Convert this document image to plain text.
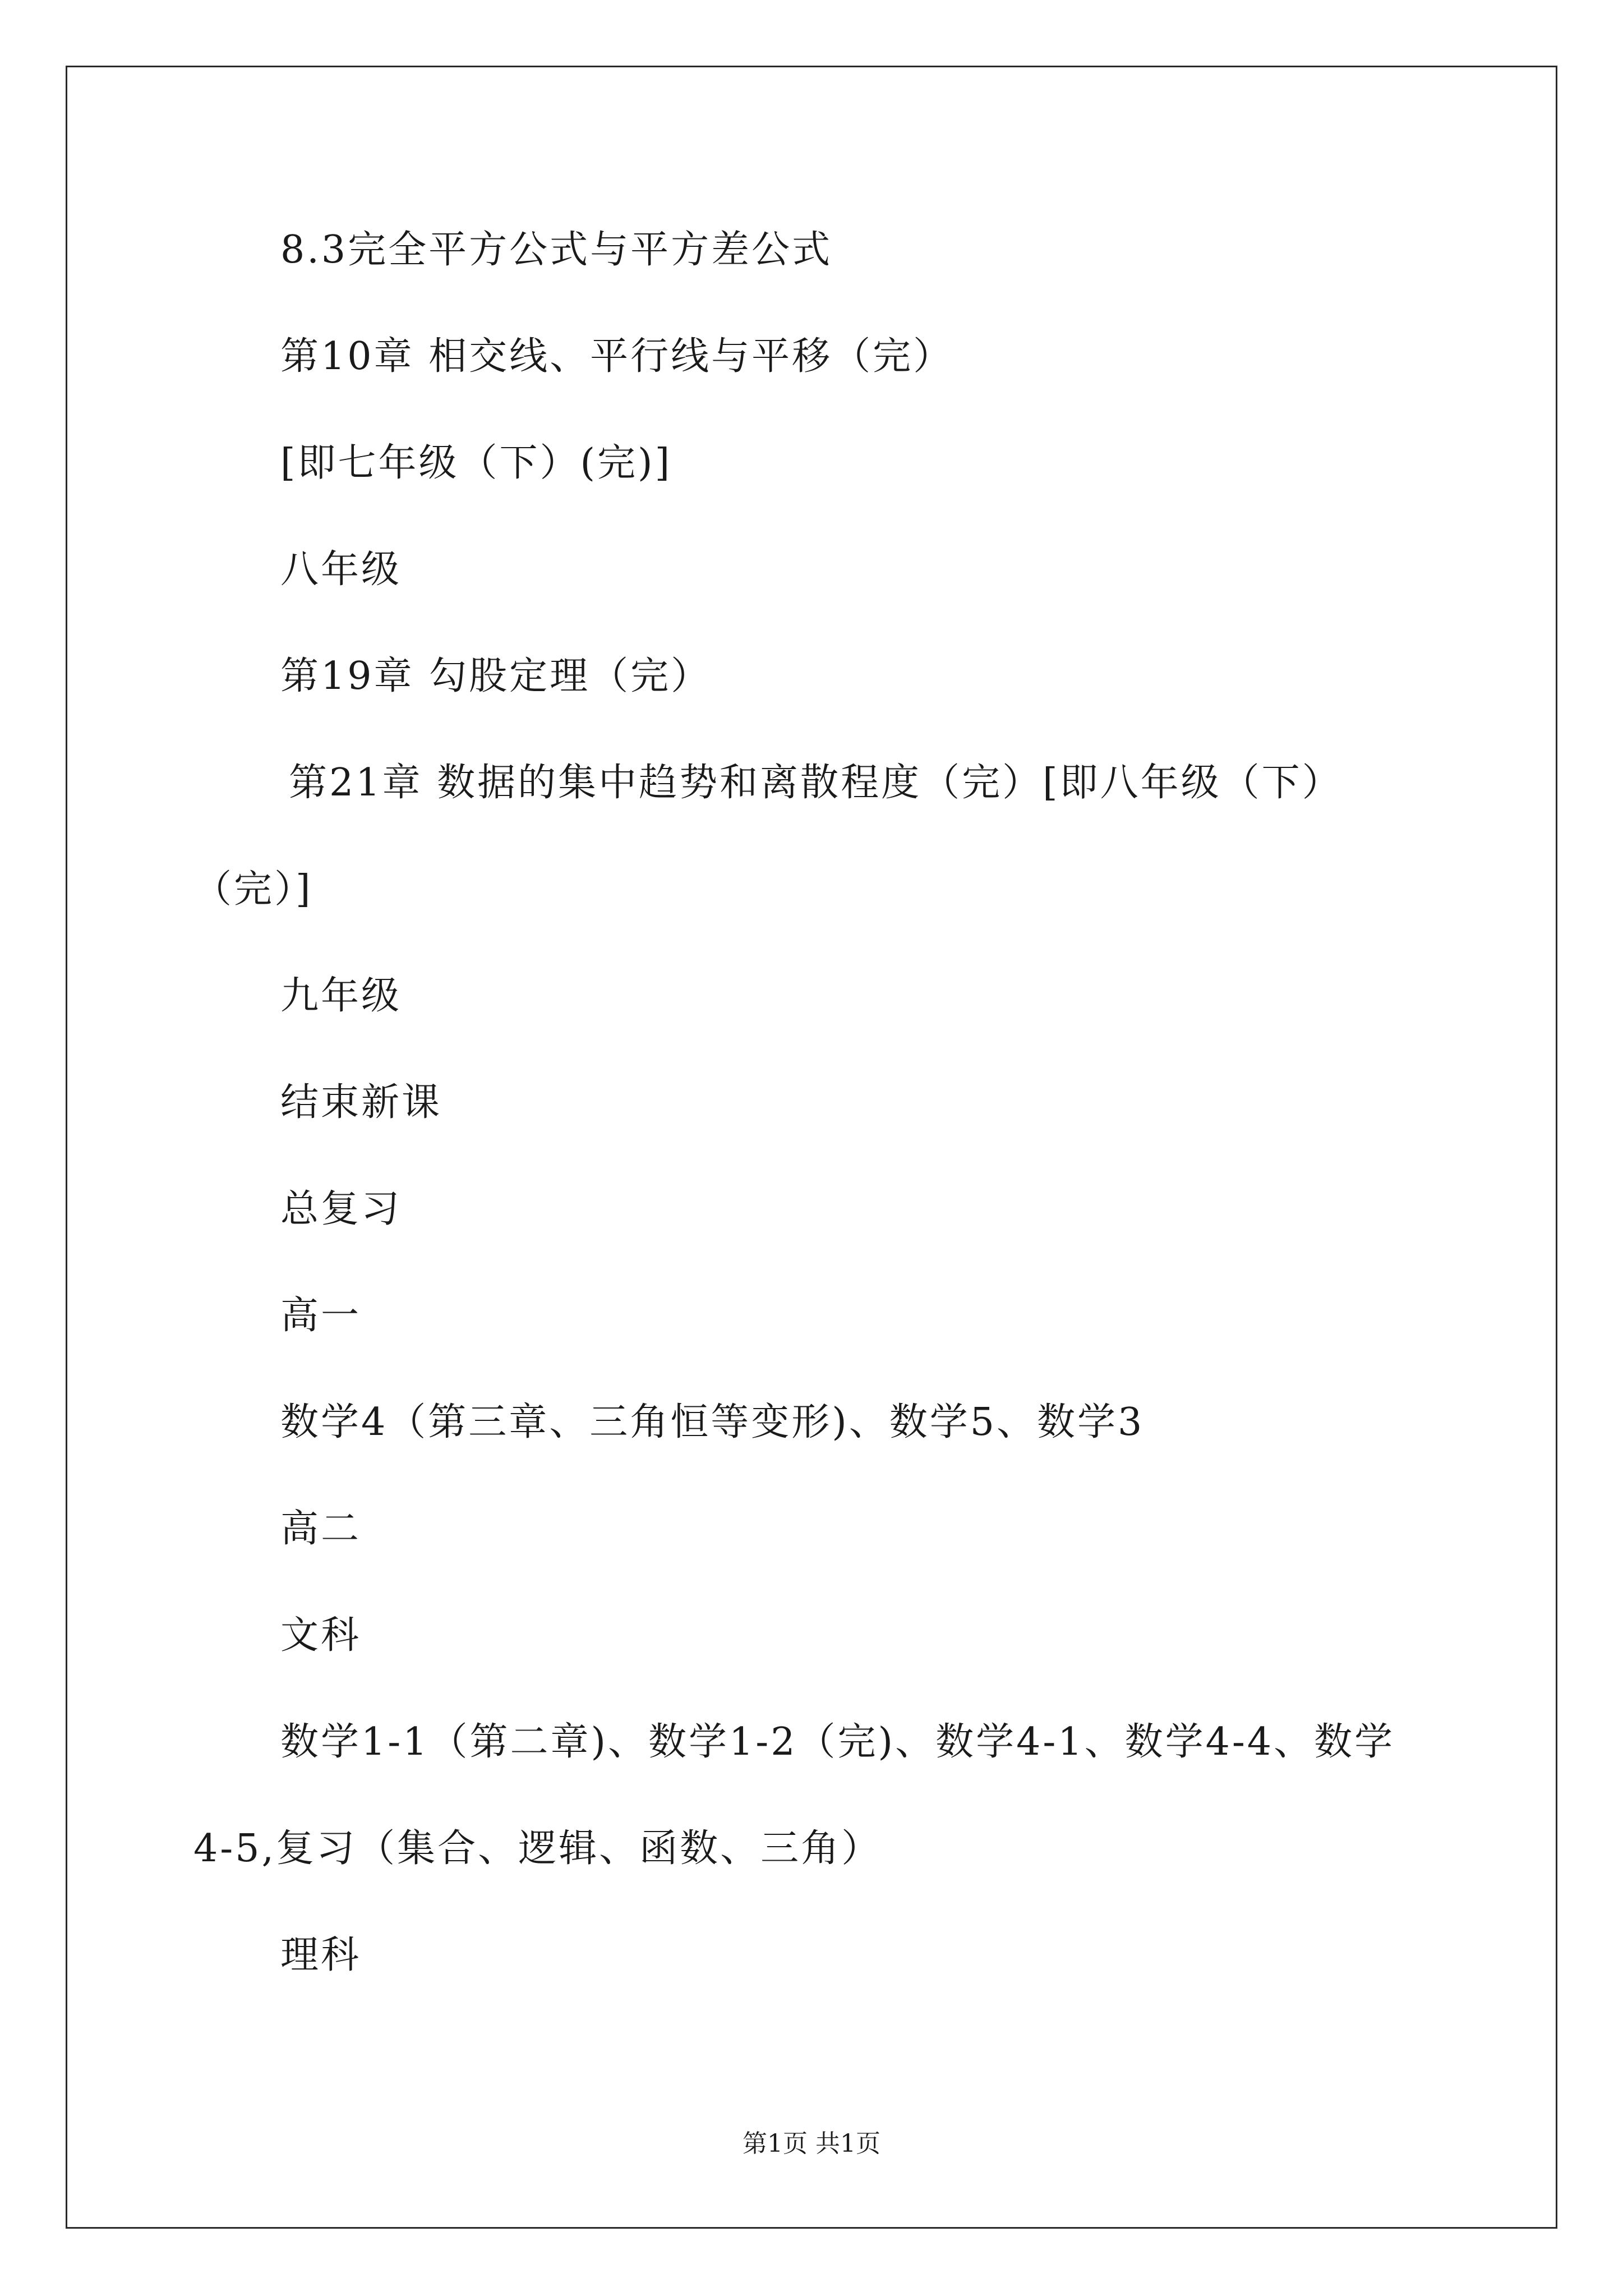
8.3完全平方公式与平方差公式
第10章 相交线、平行线与平移（完）
[即七年级（下）(完)]
八年级
第19章 勾股定理（完）
第21章 数据的集中趋势和离散程度（完）[即八年级（下）
（完）]
九年级
结束新课
总复习
高一
数学4（第三章、三角恒等变形)、数学5、数学3
高二
文科
数学1-1（第二章)、数学1-2（完)、数学4-1、数学4-4、数学
4-5,复习（集合、逻辑、函数、三角）
理科
第1页 共1页
